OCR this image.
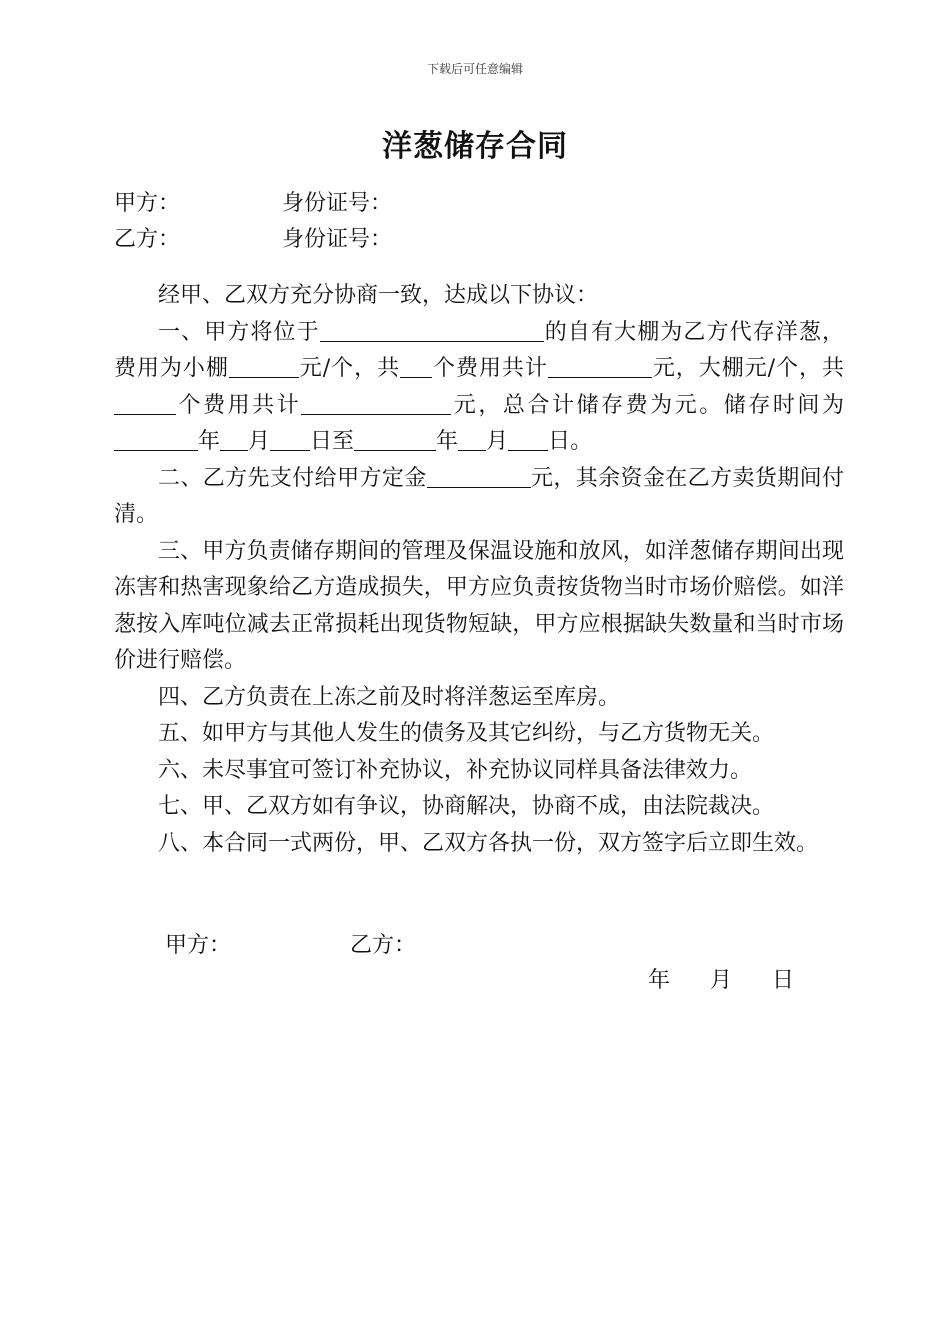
下载后可任意编辑
洋葱储存合同
甲方：	身份证号：
乙方：	身份证号：

经甲、乙双方充分协商一致，达成以下协议：

一、甲方将位于	的自有大棚为乙方代存洋葱，费用为小棚	元/个，共 个费用共计	元，大棚元/个，共个费用共计	元，总合计储存费为元。储存时间为年 月 日至	年 月 日。

二、乙方先支付给甲方定金	元，其余资金在乙方卖货期间付清。

三、甲方负责储存期间的管理及保温设施和放风，如洋葱储存期间出现冻害和热害现象给乙方造成损失，甲方应负责按货物当时市场价赔偿。如洋葱按入库吨位减去正常损耗出现货物短缺，甲方应根据缺失数量和当时市场价进行赔偿。

四、乙方负责在上冻之前及时将洋葱运至库房。

五、如甲方与其他人发生的债务及其它纠纷，与乙方货物无关。

六、未尽事宜可签订补充协议，补充协议同样具备法律效力。

七、甲、乙双方如有争议，协商解决，协商不成，由法院裁决。

八、本合同一式两份，甲、乙双方各执一份，双方签字后立即生效。

甲方：	乙方：
年 月 日
